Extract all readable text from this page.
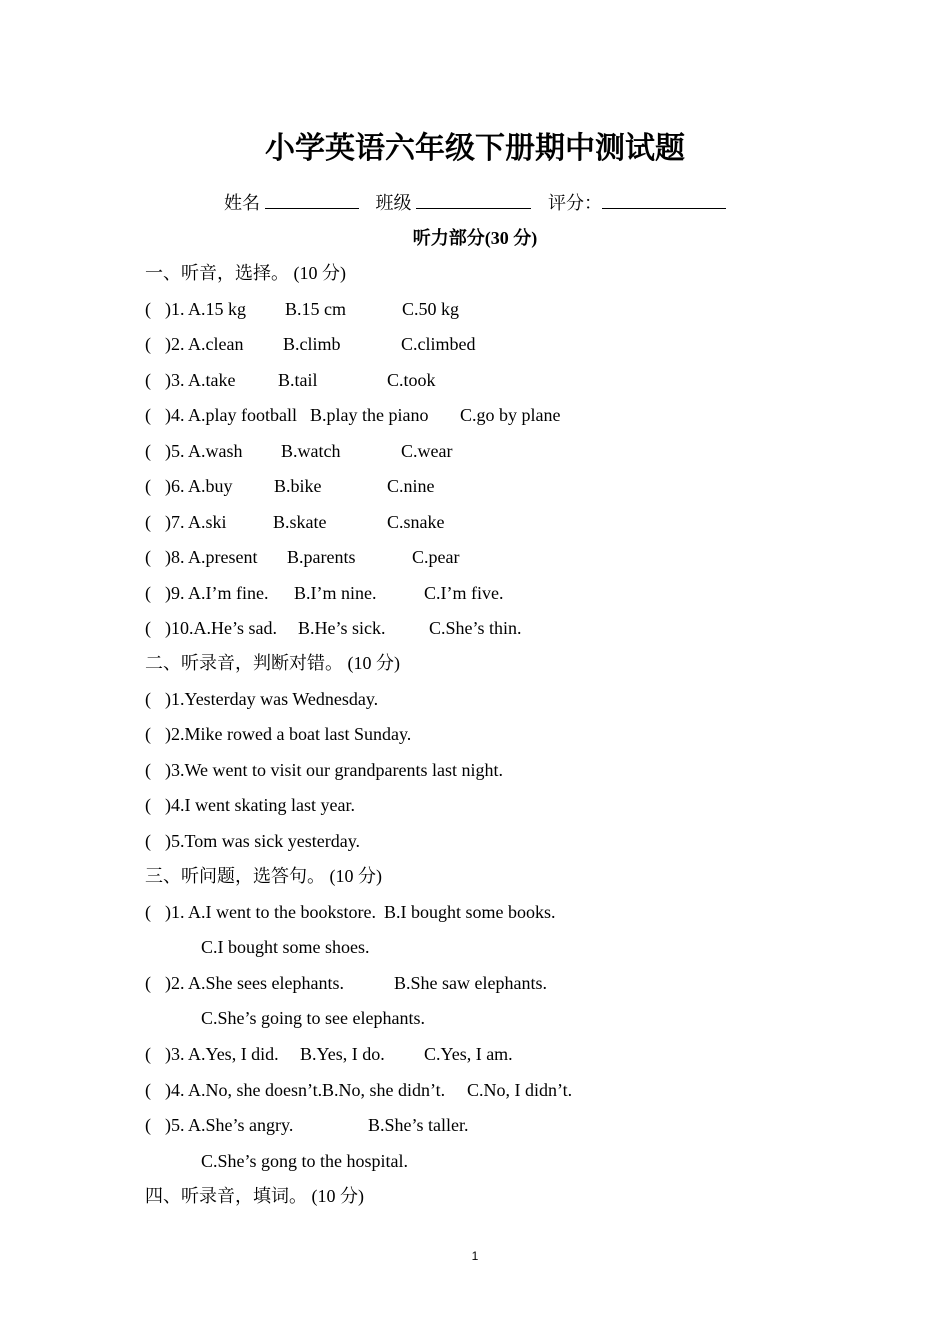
小学英语六年级下册期中测试题
姓名	班级	评分：
听力部分(30 分)
一、听音，选择。 (10 分)
( )1. A.15 kg B.15 cm	C.50 kg
( )2. A.clean B.climb	C.climbed
( )3. A.take B.tail	C.took
( )4. A.play football B.play the piano C.go by plane
( )5. A.wash B.watch	C.wear
( )6. A.buy B.bike	C.nine
( )7. A.ski	B.skate	C.snake
( )8. A.present B.parents	C.pear
( )9. A.I’m fine. B.I’m nine.	C.I’m five.
( )10.A.He’s sad. B.He’s sick. C.She’s thin.
二、听录音，判断对错。 (10 分)
( )1.Yesterday was Wednesday.
( )2.Mike rowed a boat last Sunday.
( )3.We went to visit our grandparents last night.
( )4.I went skating last year.
( )5.Tom was sick yesterday.
三、听问题，选答句。 (10 分)
( )1. A.I went to the bookstore. B.I bought some books.
C.I bought some shoes.
( )2. A.She sees elephants.	B.She saw elephants.
C.She’s going to see elephants.
( )3. A.Yes, I did. B.Yes, I do. C.Yes, I am.
( )4. A.No, she doesn’t.B.No, she didn’t. C.No, I didn’t.
( )5. A.She’s angry.	B.She’s taller.
C.She’s gong to the hospital.
四、听录音，填词。 (10 分)
1
